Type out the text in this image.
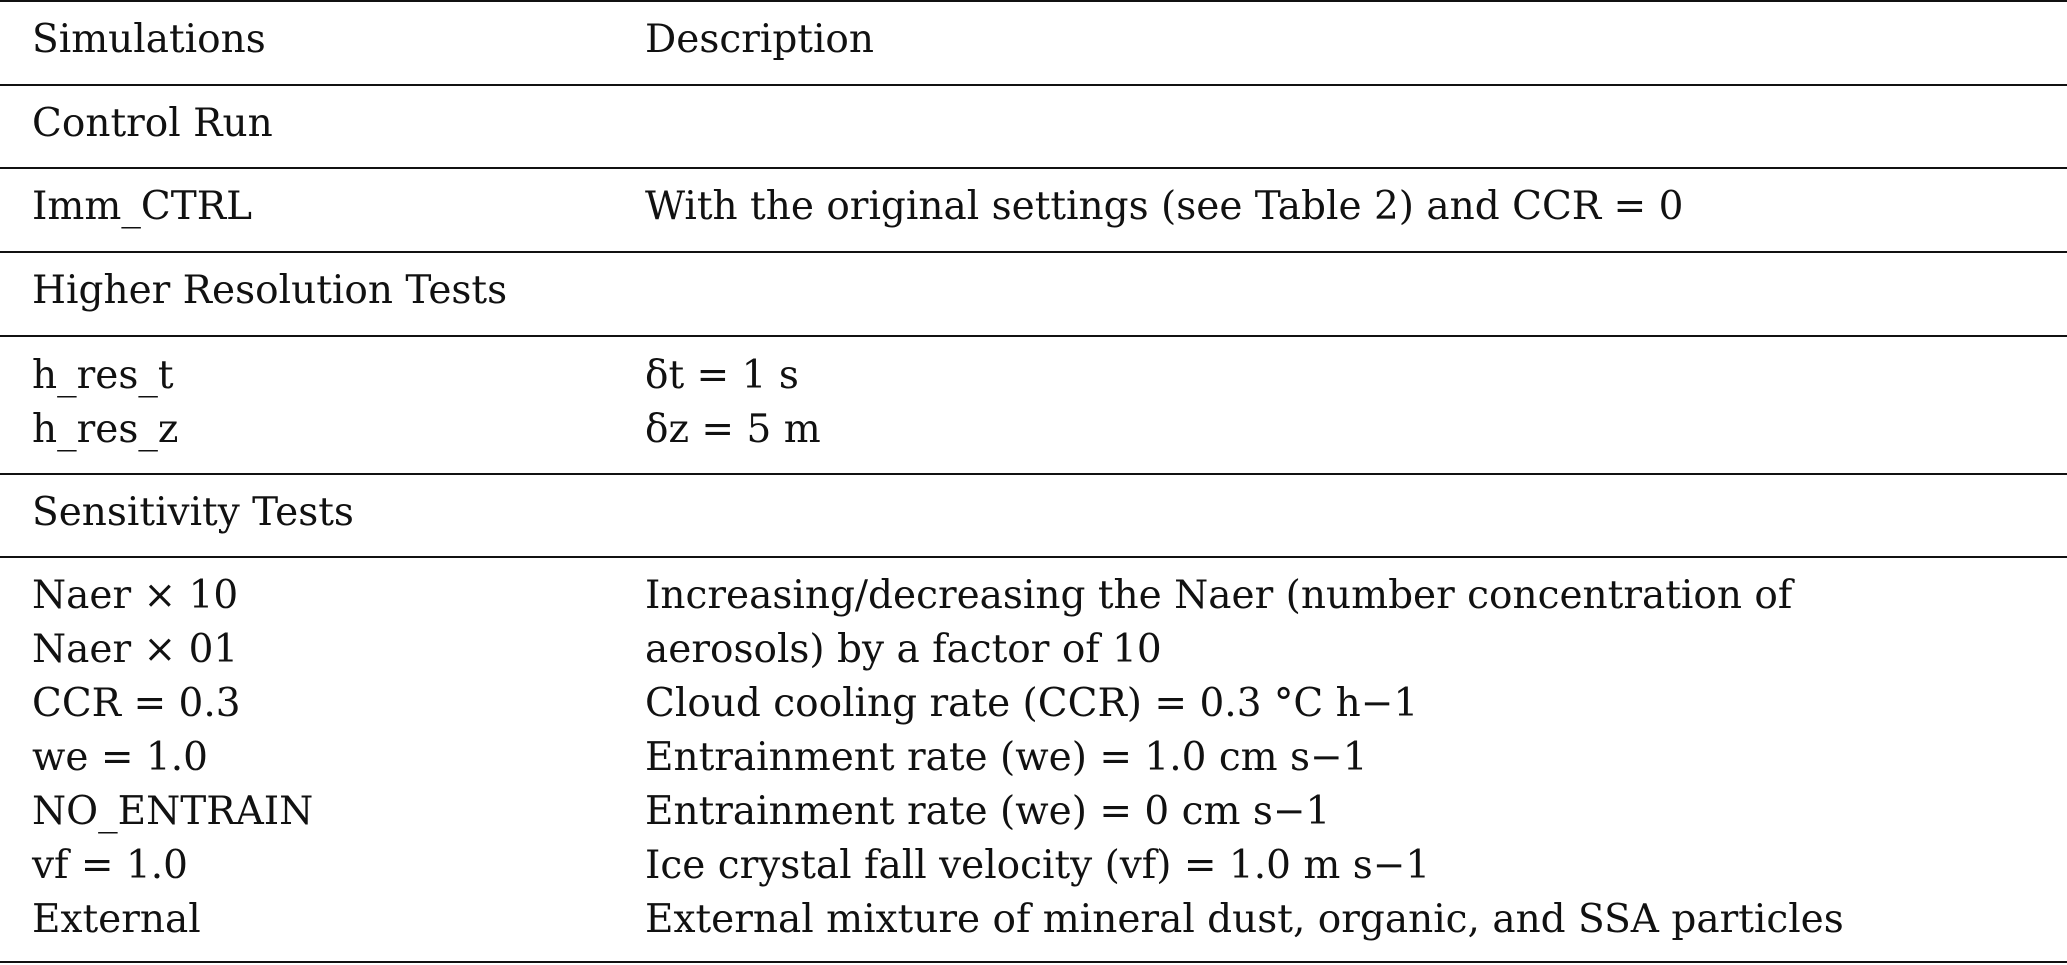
Simulations	Description
Control Run
Imm_CTRL	With the original settings (see Table 2) and CCR = 0
Higher Resolution Tests
h_res_t	δt = 1 s
h_res_z	δz = 5 m
Sensitivity Tests
Naer × 10	Increasing/decreasing the Naer (number concentration of
Naer × 01	aerosols) by a factor of 10
CCR = 0.3	Cloud cooling rate (CCR) = 0.3 °C h−1
we = 1.0	Entrainment rate (we) = 1.0 cm s−1
NO_ENTRAIN	Entrainment rate (we) = 0 cm s−1
vf = 1.0	Ice crystal fall velocity (vf) = 1.0 m s−1
External	External mixture of mineral dust, organic, and SSA particles
